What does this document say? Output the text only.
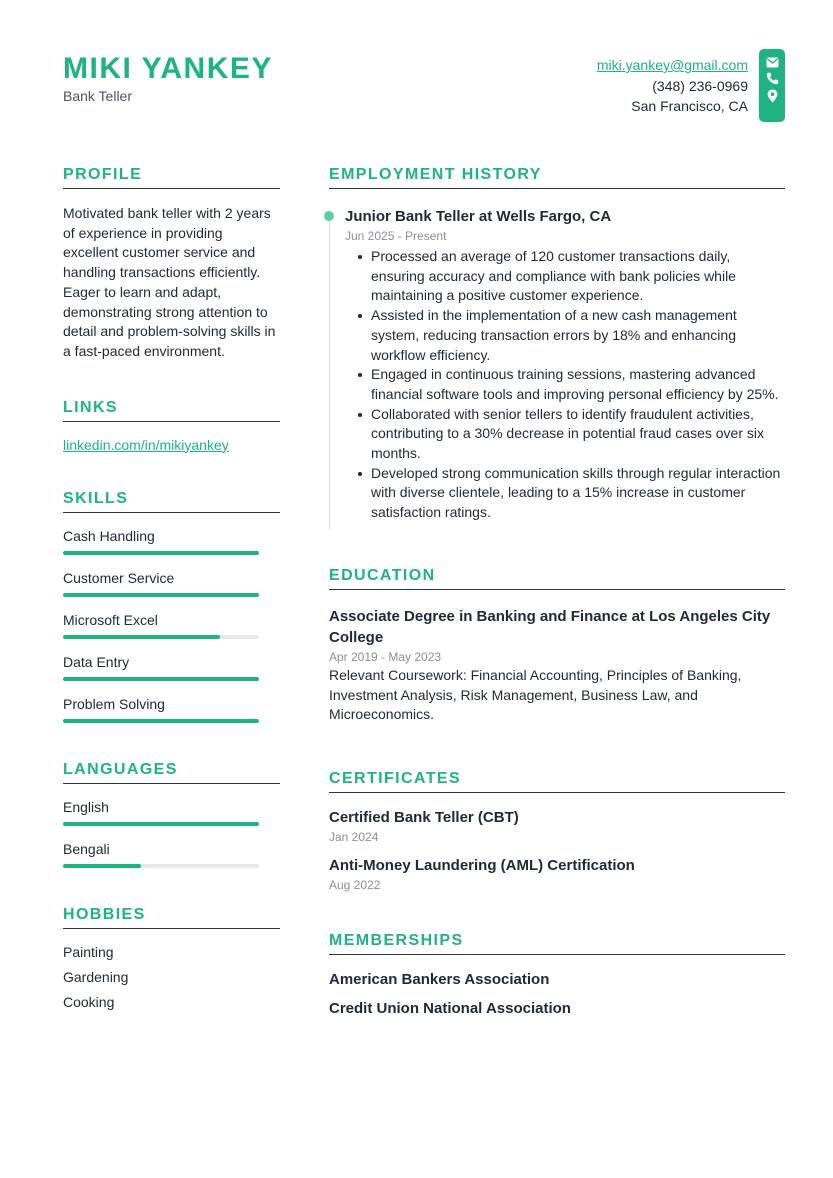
MIKI YANKEY
Bank Teller
miki.yankey@gmail.com
(348) 236-0969
San Francisco, CA
PROFILE
Motivated bank teller with 2 years of experience in providing excellent customer service and handling transactions efficiently. Eager to learn and adapt, demonstrating strong attention to detail and problem-solving skills in a fast-paced environment.
LINKS
linkedin.com/in/mikiyankey
SKILLS
Cash Handling
Customer Service
Microsoft Excel
Data Entry
Problem Solving
LANGUAGES
English
Bengali
HOBBIES
Painting
Gardening
Cooking
EMPLOYMENT HISTORY
Junior Bank Teller at Wells Fargo, CA
Jun 2025 - Present
Processed an average of 120 customer transactions daily, ensuring accuracy and compliance with bank policies while maintaining a positive customer experience.
Assisted in the implementation of a new cash management system, reducing transaction errors by 18% and enhancing workflow efficiency.
Engaged in continuous training sessions, mastering advanced financial software tools and improving personal efficiency by 25%.
Collaborated with senior tellers to identify fraudulent activities, contributing to a 30% decrease in potential fraud cases over six months.
Developed strong communication skills through regular interaction with diverse clientele, leading to a 15% increase in customer satisfaction ratings.
EDUCATION
Associate Degree in Banking and Finance at Los Angeles City College
Apr 2019 - May 2023
Relevant Coursework: Financial Accounting, Principles of Banking, Investment Analysis, Risk Management, Business Law, and Microeconomics.
CERTIFICATES
Certified Bank Teller (CBT)
Jan 2024
Anti-Money Laundering (AML) Certification
Aug 2022
MEMBERSHIPS
American Bankers Association
Credit Union National Association
